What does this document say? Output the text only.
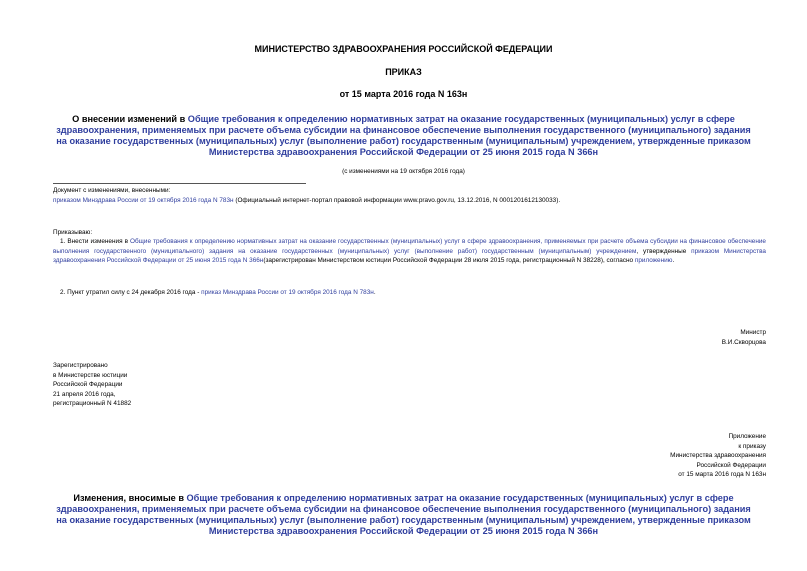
МИНИСТЕРСТВО ЗДРАВООХРАНЕНИЯ РОССИЙСКОЙ ФЕДЕРАЦИИ
ПРИКАЗ
от 15 марта 2016 года N 163н
О внесении изменений в Общие требования к определению нормативных затрат на оказание государственных (муниципальных) услуг в сфере здравоохранения, применяемых при расчете объема субсидии на финансовое обеспечение выполнения государственного (муниципального) задания на оказание государственных (муниципальных) услуг (выполнение работ) государственным (муниципальным) учреждением, утвержденные приказом Министерства здравоохранения Российской Федерации от 25 июня 2015 года N 366н
(с изменениями на 19 октября 2016 года)
Документ с изменениями, внесенными:
приказом Минздрава России от 19 октября 2016 года N 783н (Официальный интернет-портал правовой информации www.pravo.gov.ru, 13.12.2016, N 0001201612130033).
Приказываю:
1. Внести изменения в Общие требования к определению нормативных затрат на оказание государственных (муниципальных) услуг в сфере здравоохранения, применяемых при расчете объема субсидии на финансовое обеспечение выполнения государственного (муниципального) задания на оказание государственных (муниципальных) услуг (выполнение работ) государственным (муниципальным) учреждением, утвержденные приказом Министерства здравоохранения Российской Федерации от 25 июня 2015 года N 366н(зарегистрирован Министерством юстиции Российской Федерации 28 июля 2015 года, регистрационный N 38228), согласно приложению.
2. Пункт утратил силу с 24 декабря 2016 года - приказ Минздрава России от 19 октября 2016 года N 783н.
Министр
В.И.Скворцова
Зарегистрировано
в Министерстве юстиции
Российской Федерации
21 апреля 2016 года,
регистрационный N 41882
Приложение
к приказу
Министерства здравоохранения
Российской Федерации
от 15 марта 2016 года N 163н
Изменения, вносимые в Общие требования к определению нормативных затрат на оказание государственных (муниципальных) услуг в сфере здравоохранения, применяемых при расчете объема субсидии на финансовое обеспечение выполнения государственного (муниципального) задания на оказание государственных (муниципальных) услуг (выполнение работ) государственным (муниципальным) учреждением, утвержденные приказом Министерства здравоохранения Российской Федерации от 25 июня 2015 года N 366н
